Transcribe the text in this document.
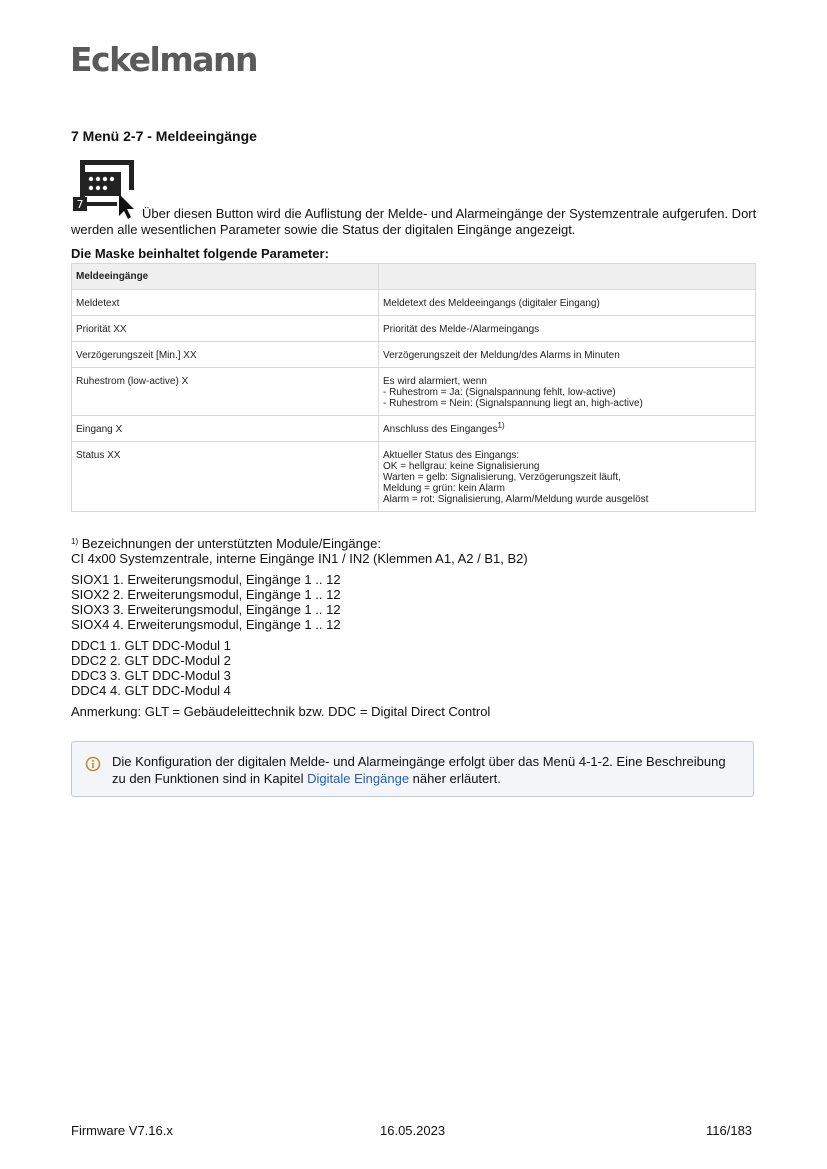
Eckelmann
7 Menü 2-7 - Meldeeingänge
7
Über diesen Button wird die Auflistung der Melde- und Alarmeingänge der Systemzentrale aufgerufen. Dort werden alle wesentlichen Parameter sowie die Status der digitalen Eingänge angezeigt.
Die Maske beinhaltet folgende Parameter:
Meldeeingänge	
Meldetext	Meldetext des Meldeeingangs (digitaler Eingang)
Priorität XX	Priorität des Melde-/Alarmeingangs
Verzögerungszeit [Min.] XX	Verzögerungszeit der Meldung/des Alarms in Minuten
Ruhestrom (low-active) X	Es wird alarmiert, wenn
- Ruhestrom = Ja: (Signalspannung fehlt, low-active)
- Ruhestrom = Nein: (Signalspannung liegt an, high-active)
Eingang X	Anschluss des Einganges$^{1)}$
Status XX	Aktueller Status des Eingangs:
OK = hellgrau: keine Signalisierung
Warten = gelb: Signalisierung, Verzögerungszeit läuft,
Meldung = grün: kein Alarm
Alarm = rot: Signalisierung, Alarm/Meldung wurde ausgelöst

$^{1)}$ Bezeichnungen der unterstützten Module/Eingänge:
CI 4x00 Systemzentrale, interne Eingänge IN1 / IN2 (Klemmen A1, A2 / B1, B2)

SIOX1 1. Erweiterungsmodul, Eingänge 1 .. 12
SIOX2 2. Erweiterungsmodul, Eingänge 1 .. 12
SIOX3 3. Erweiterungsmodul, Eingänge 1 .. 12
SIOX4 4. Erweiterungsmodul, Eingänge 1 .. 12

DDC1 1. GLT DDC-Modul 1
DDC2 2. GLT DDC-Modul 2
DDC3 3. GLT DDC-Modul 3
DDC4 4. GLT DDC-Modul 4

Anmerkung: GLT = Gebäudeleittechnik bzw. DDC = Digital Direct Control

Die Konfiguration der digitalen Melde- und Alarmeingänge erfolgt über das Menü 4-1-2. Eine Beschreibung zu den Funktionen sind in Kapitel Digitale Eingänge näher erläutert.
Firmware V7.16.x	16.05.2023	116/183
